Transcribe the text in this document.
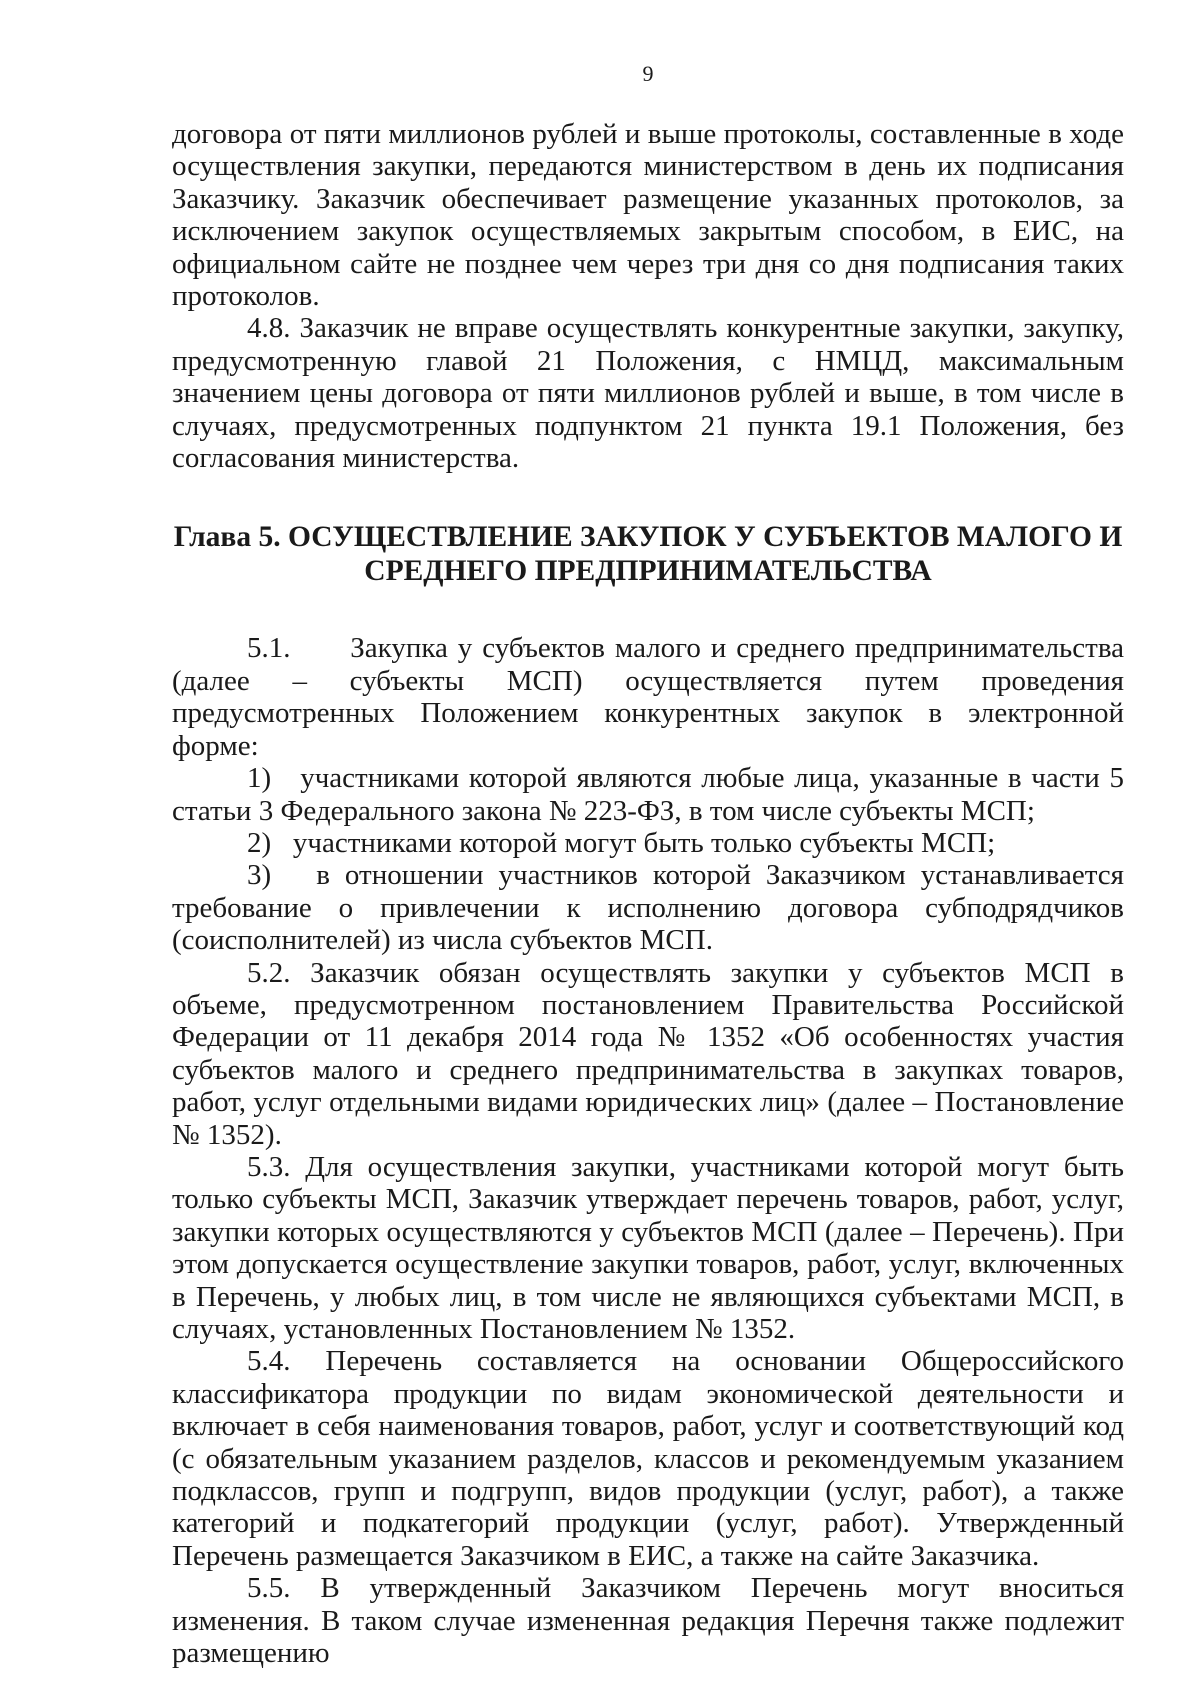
9

договора от пяти миллионов рублей и выше протоколы, составленные в ходе осуществления закупки, передаются министерством в день их подписания Заказчику. Заказчик обеспечивает размещение указанных протоколов, за исключением закупок осуществляемых закрытым способом, в ЕИС, на официальном сайте не позднее чем через три дня со дня подписания таких протоколов.

4.8. Заказчик не вправе осуществлять конкурентные закупки, закупку, предусмотренную главой 21 Положения, с НМЦД, максимальным значением цены договора от пяти миллионов рублей и выше, в том числе в случаях, предусмотренных подпунктом 21 пункта 19.1 Положения, без согласования министерства.

Глава 5. ОСУЩЕСТВЛЕНИЕ ЗАКУПОК У СУБЪЕКТОВ МАЛОГО И
СРЕДНЕГО ПРЕДПРИНИМАТЕЛЬСТВА

5.1.      Закупка у субъектов малого и среднего предпринимательства (далее – субъекты МСП) осуществляется путем проведения предусмотренных Положением конкурентных закупок в электронной форме:

1)   участниками которой являются любые лица, указанные в части 5 статьи 3 Федерального закона № 223-ФЗ, в том числе субъекты МСП;

2)   участниками которой могут быть только субъекты МСП;

3)   в отношении участников которой Заказчиком устанавливается требование о привлечении к исполнению договора субподрядчиков (соисполнителей) из числа субъектов МСП.

5.2. Заказчик обязан осуществлять закупки у субъектов МСП в объеме, предусмотренном постановлением Правительства Российской Федерации от 11 декабря 2014 года № 1352 «Об особенностях участия субъектов малого и среднего предпринимательства в закупках товаров, работ, услуг отдельными видами юридических лиц» (далее – Постановление № 1352).

5.3. Для осуществления закупки, участниками которой могут быть только субъекты МСП, Заказчик утверждает перечень товаров, работ, услуг, закупки которых осуществляются у субъектов МСП (далее – Перечень). При этом допускается осуществление закупки товаров, работ, услуг, включенных в Перечень, у любых лиц, в том числе не являющихся субъектами МСП, в случаях, установленных Постановлением № 1352.

5.4.    Перечень    составляется    на    основании    Общероссийского классификатора продукции по видам экономической деятельности и включает в себя наименования товаров, работ, услуг и соответствующий код (с обязательным указанием разделов, классов и рекомендуемым указанием подклассов, групп и подгрупп, видов продукции (услуг, работ), а также категорий и подкатегорий продукции (услуг, работ). Утвержденный Перечень размещается Заказчиком в ЕИС, а также на сайте Заказчика.

5.5. В утвержденный Заказчиком Перечень могут вноситься изменения. В таком случае измененная редакция Перечня также подлежит размещению
